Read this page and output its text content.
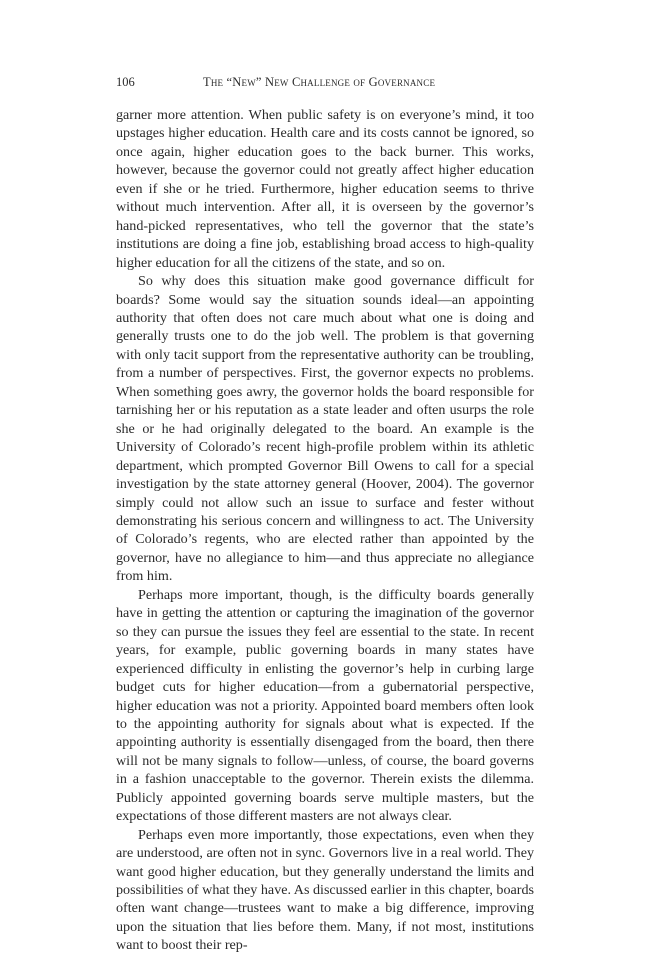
106	The “New” New Challenge of Governance

garner more attention. When public safety is on everyone’s mind, it too upstages higher education. Health care and its costs cannot be ignored, so once again, higher education goes to the back burner. This works, however, because the governor could not greatly affect higher education even if she or he tried. Furthermore, higher education seems to thrive without much intervention. After all, it is overseen by the governor’s hand-picked representatives, who tell the governor that the state’s institutions are doing a fine job, establishing broad access to high-quality higher education for all the citizens of the state, and so on.

So why does this situation make good governance difficult for boards? Some would say the situation sounds ideal—an appointing authority that often does not care much about what one is doing and generally trusts one to do the job well. The problem is that governing with only tacit support from the representative authority can be troubling, from a number of perspectives. First, the governor expects no problems. When something goes awry, the governor holds the board responsible for tarnishing her or his reputation as a state leader and often usurps the role she or he had originally delegated to the board. An example is the University of Colorado’s recent high-profile problem within its athletic department, which prompted Governor Bill Owens to call for a special investigation by the state attorney general (Hoover, 2004). The governor simply could not allow such an issue to surface and fester without demonstrating his serious concern and willingness to act. The University of Colorado’s regents, who are elected rather than appointed by the governor, have no allegiance to him—and thus appreciate no allegiance from him.

Perhaps more important, though, is the difficulty boards generally have in getting the attention or capturing the imagination of the governor so they can pursue the issues they feel are essential to the state. In recent years, for example, public governing boards in many states have experienced difficulty in enlisting the governor’s help in curbing large budget cuts for higher education—from a gubernatorial perspective, higher education was not a priority. Appointed board members often look to the appointing authority for signals about what is expected. If the appointing authority is essentially disengaged from the board, then there will not be many signals to follow—unless, of course, the board governs in a fashion unacceptable to the governor. Therein exists the dilemma. Publicly appointed governing boards serve multiple masters, but the expectations of those different masters are not always clear.

Perhaps even more importantly, those expectations, even when they are understood, are often not in sync. Governors live in a real world. They want good higher education, but they generally understand the limits and possibilities of what they have. As discussed earlier in this chapter, boards often want change—trustees want to make a big difference, improving upon the situation that lies before them. Many, if not most, institutions want to boost their rep-
